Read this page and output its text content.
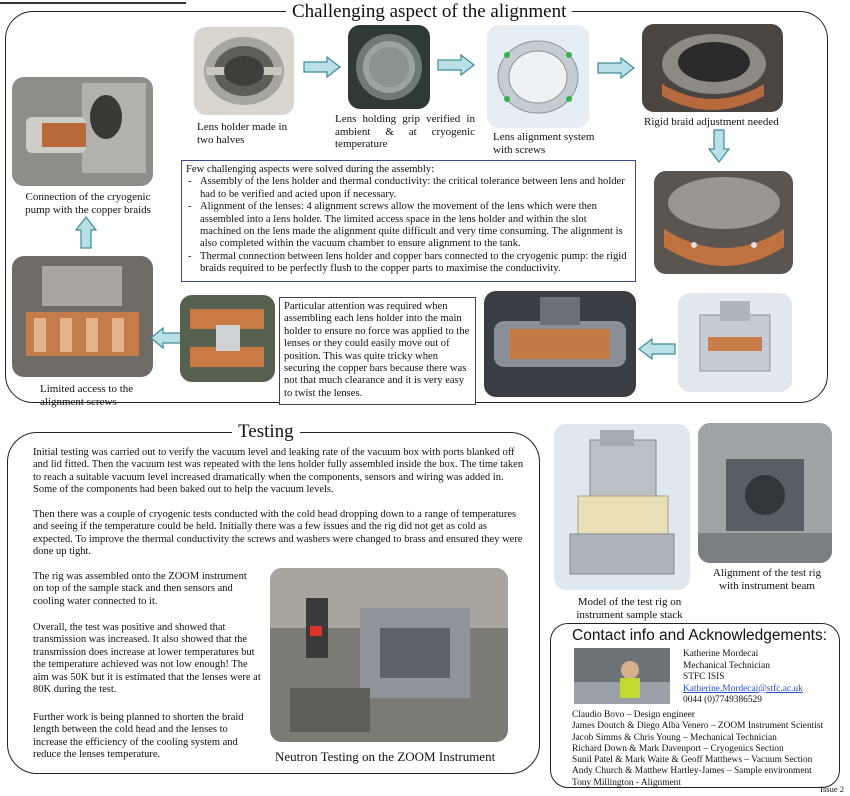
Challenging aspect of the alignment
Lens holder made in two halves
Lens holding grip verified in ambient & at cryogenic temperature
Lens alignment system with screws
Rigid braid adjustment needed
Few challenging aspects were solved during the assembly:
- Assembly of the lens holder and thermal conductivity: the critical tolerance between lens and holder had to be verified and acted upon if necessary.
- Alignment of the lenses: 4 alignment screws allow the movement of the lens which were then assembled into a lens holder. The limited access space in the lens holder and within the slot machined on the lens made the alignment quite difficult and very time consuming. The alignment is also completed within the vacuum chamber to ensure alignment to the tank.
- Thermal connection between lens holder and copper bars connected to the cryogenic pump: the rigid braids required to be perfectly flush to the copper parts to maximise the conductivity.
Connection of the cryogenic pump with the copper braids
Limited access to the alignment screws
Particular attention was required when assembling each lens holder into the main holder to ensure no force was applied to the lenses or they could easily move out of position. This was quite tricky when securing the copper bars because there was not that much clearance and it is very easy to twist the lenses.
Testing
Initial testing was carried out to verify the vacuum level and leaking rate of the vacuum box with ports blanked off and lid fitted. Then the vacuum test was repeated with the lens holder fully assembled inside the box. The time taken to reach a suitable vacuum level increased dramatically when the components, sensors and wiring was added in. Some of the components had been baked out to help the vacuum levels.
Then there was a couple of cryogenic tests conducted with the cold head dropping down to a range of temperatures and seeing if the temperature could be held. Initially there was a few issues and the rig did not get as cold as expected. To improve the thermal conductivity the screws and washers were changed to brass and ensured they were done up tight.
The rig was assembled onto the ZOOM instrument on top of the sample stack and then sensors and cooling water connected to it.
Overall, the test was positive and showed that transmission was increased. It also showed that the transmission does increase at lower temperatures but the temperature achieved was not low enough! The aim was 50K but it is estimated that the lenses were at 80K during the test.
Further work is being planned to shorten the braid length between the cold head and the lenses to increase the efficiency of the cooling system and reduce the lenses temperature.	Neutron Testing on the ZOOM Instrument
Model of the test rig on instrument sample stack
Alignment of the test rig with instrument beam
Contact info and Acknowledgements:
Katherine Mordecai
Mechanical Technician
STFC ISIS
Katherine.Mordecai@stfc.ac.uk
0044 (0)7749386529
Claudio Bovo – Design engineer
James Doutch & Diego Alba Venero – ZOOM Instrument Scientist
Jacob Simms & Chris Young – Mechanical Technician
Richard Down & Mark Davenport – Cryogenics Section
Sunil Patel & Mark Waite & Geoff Matthews – Vacuum Section
Andy Church & Matthew Hartley-James – Sample environment
Tony Millington - Alignment
Issue 2
